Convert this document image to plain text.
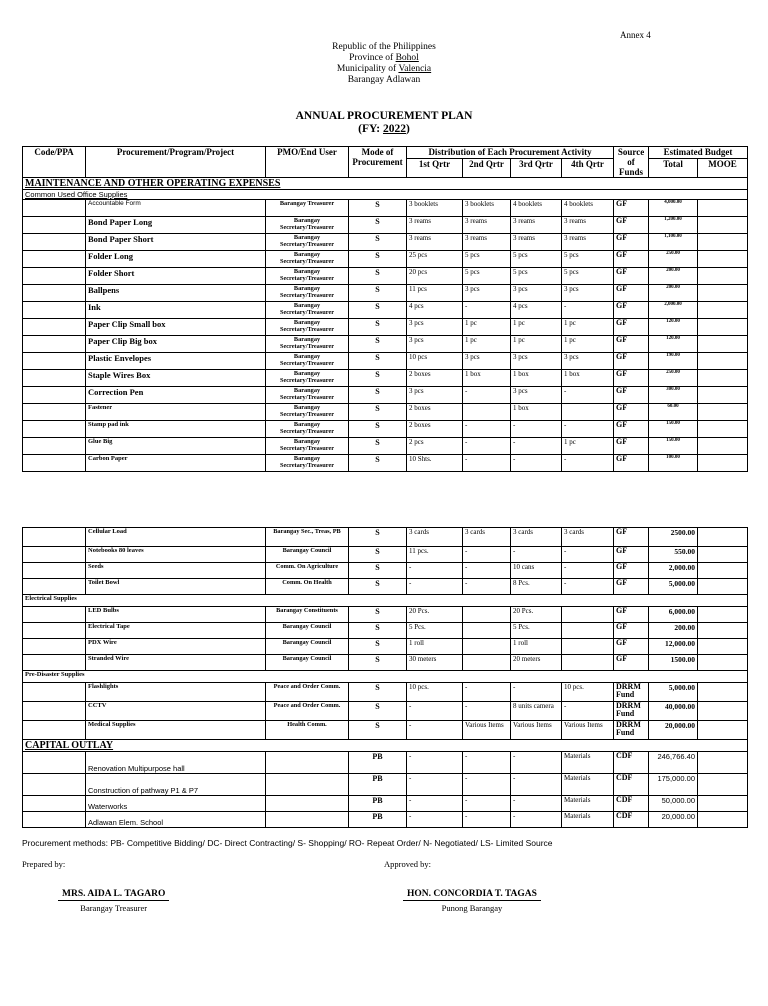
Annex 4
Republic of the Philippines
Province of Bohol
Municipality of Valencia
Barangay Adlawan
ANNUAL PROCUREMENT PLAN
(FY: 2022)
Code/PPA	Procurement/Program/Project	PMO/End User	Mode of Procurement	Distribution of Each Procurement Activity				Source of Funds	Estimated Budget	
				1st Qrtr	2nd Qrtr	3rd Qrtr	4th Qrtr		Total	MOOE
MAINTENANCE AND OTHER OPERATING EXPENSES										
Common Used Office Supplies										
	Accountable Form	Barangay Treasurer	S	3 booklets	3 booklets	4 booklets	4 booklets	GF	4,000.00	
	Bond Paper Long	Barangay Secretary/Treasurer	S	3 reams	3 reams	3 reams	3 reams	GF	1,200.00	
	Bond Paper Short	Barangay Secretary/Treasurer	S	3 reams	3 reams	3 reams	3 reams	GF	1,100.00	
	Folder Long	Barangay Secretary/Treasurer	S	25 pcs	5 pcs	5 pcs	5 pcs	GF	250.00	
	Folder Short	Barangay Secretary/Treasurer	S	20 pcs	5 pcs	5 pcs	5 pcs	GF	200.00	
	Ballpens	Barangay Secretary/Treasurer	S	11 pcs	3 pcs	3 pcs	3 pcs	GF	200.00	
	Ink	Barangay Secretary/Treasurer	S	4 pcs	-	4 pcs	-	GF	2,000.00	
	Paper Clip Small box	Barangay Secretary/Treasurer	S	3 pcs	1 pc	1 pc	1 pc	GF	120.00	
	Paper Clip Big box	Barangay Secretary/Treasurer	S	3 pcs	1 pc	1 pc	1 pc	GF	120.00	
	Plastic Envelopes	Barangay Secretary/Treasurer	S	10 pcs	3 pcs	3 pcs	3 pcs	GF	190.00	
	Staple Wires Box	Barangay Secretary/Treasurer	S	2 boxes	1 box	1 box	1 box	GF	250.00	
	Correction Pen	Barangay Secretary/Treasurer	S	3 pcs	-	3 pcs	-	GF	300.00	
	Fastener	Barangay Secretary/Treasurer	S	2 boxes		1 box		GF	60.00	
	Stamp pad ink	Barangay Secretary/Treasurer	S	2 boxes	-	-	-	GF	150.00	
	Glue Big	Barangay Secretary/Treasurer	S	2 pcs	-	-	1 pc	GF	150.00	
	Carbon Paper	Barangay Secretary/Treasurer	S	10 Shts.	-	-	-	GF	100.00	
	Cellular Load	Barangay Sec., Treas, PB	S	3 cards	3 cards	3 cards	3 cards	GF	2500.00	
	Notebooks 80 leaves	Barangay Council	S	11 pcs.	-	-	-	GF	550.00	
	Seeds	Comm. On Agriculture	S	-	-	10 cans	-	GF	2,000.00	
	Toilet Bowl	Comm. On Health	S	-	-	8 Pcs.	-	GF	5,000.00	
Electrical Supplies										
	LED Bulbs	Barangay Constituents	S	20 Pcs.		20 Pcs.		GF	6,000.00	
	Electrical Tape	Barangay Council	S	5 Pcs.		5 Pcs.		GF	200.00	
	PDX Wire	Barangay Council	S	1 roll		1 roll		GF	12,000.00	
	Stranded Wire	Barangay Council	S	30 meters		20 meters		GF	1500.00	
Pre-Disaster Supplies										
	Flashlights	Peace and Order Comm.	S	10 pcs.	-	-	10 pcs.	DRRM Fund	5,000.00	
	CCTV	Peace and Order Comm.	S	-	-	8 units camera	-	DRRM Fund	40,000.00	
	Medical Supplies	Health Comm.	S	-	Various Items	Various Items	Various Items	DRRM Fund	20,000.00	
CAPITAL OUTLAY										
	Renovation Multipurpose hall		PB	-	-	-	Materials	CDF	246,766.40	
	Construction of pathway P1 & P7		PB	-	-	-	Materials	CDF	175,000.00	
	Waterworks		PB	-	-	-	Materials	CDF	50,000.00	
	Adlawan Elem. School		PB	-	-	-	Materials	CDF	20,000.00	
Procurement methods: PB- Competitive Bidding/ DC- Direct Contracting/ S- Shopping/ RO- Repeat Order/ N- Negotiated/ LS- Limited Source
Prepared by:	Approved by:
MRS. AIDA L. TAGARO
Barangay Treasurer
HON. CONCORDIA T. TAGAS
Punong Barangay
